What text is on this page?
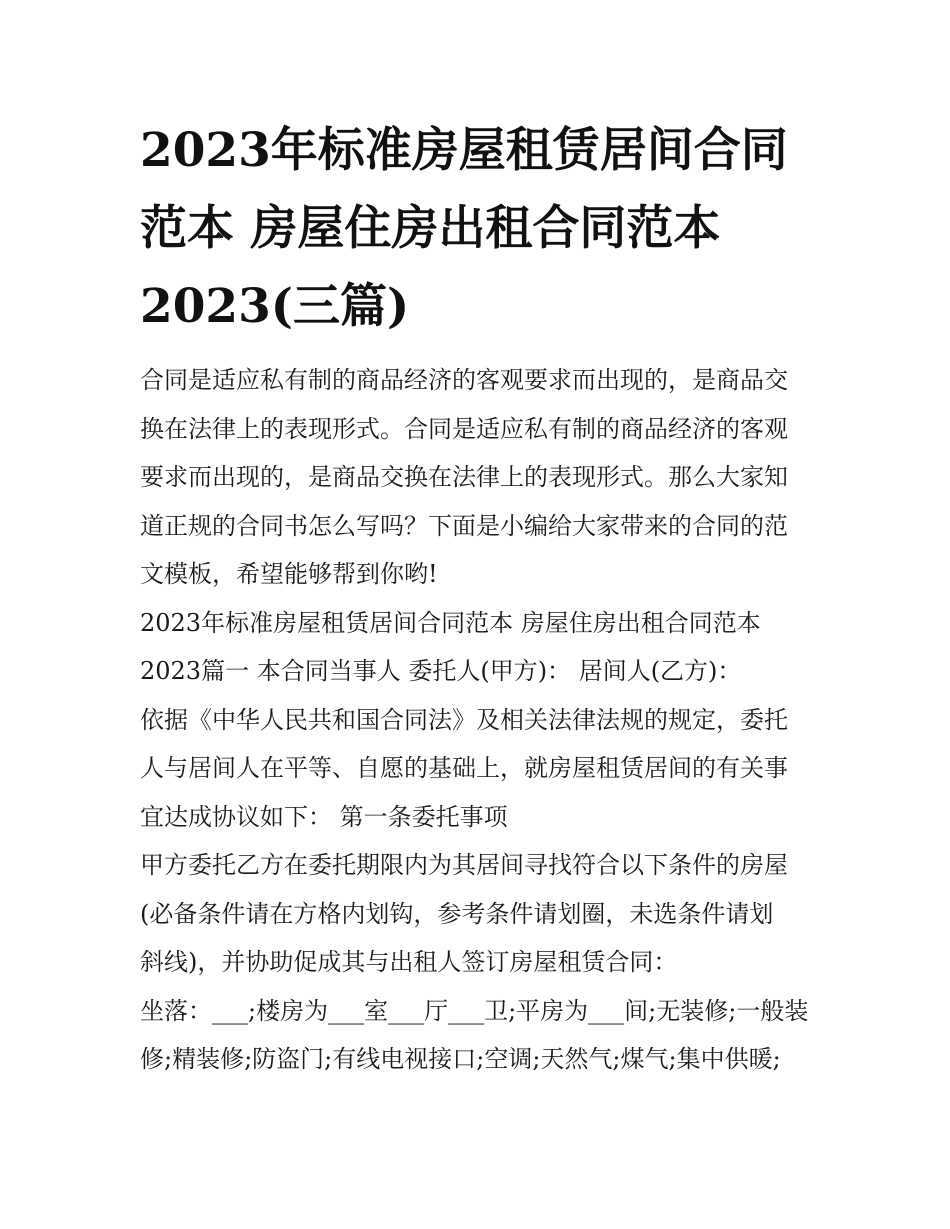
2023年标准房屋租赁居间合同
范本 房屋住房出租合同范本
2023(三篇)
合同是适应私有制的商品经济的客观要求而出现的，是商品交
换在法律上的表现形式。合同是适应私有制的商品经济的客观
要求而出现的，是商品交换在法律上的表现形式。那么大家知
道正规的合同书怎么写吗？下面是小编给大家带来的合同的范
文模板，希望能够帮到你哟!
2023年标准房屋租赁居间合同范本 房屋住房出租合同范本
2023篇一 本合同当事人 委托人(甲方)： 居间人(乙方)：
依据《中华人民共和国合同法》及相关法律法规的规定，委托
人与居间人在平等、自愿的基础上，就房屋租赁居间的有关事
宜达成协议如下： 第一条委托事项
甲方委托乙方在委托期限内为其居间寻找符合以下条件的房屋
(必备条件请在方格内划钩，参考条件请划圈，未选条件请划
斜线)，并协助促成其与出租人签订房屋租赁合同：
坐落：___;楼房为___室___厅___卫;平房为___间;无装修;一般装
修;精装修;防盗门;有线电视接口;空调;天然气;煤气;集中供暖;
